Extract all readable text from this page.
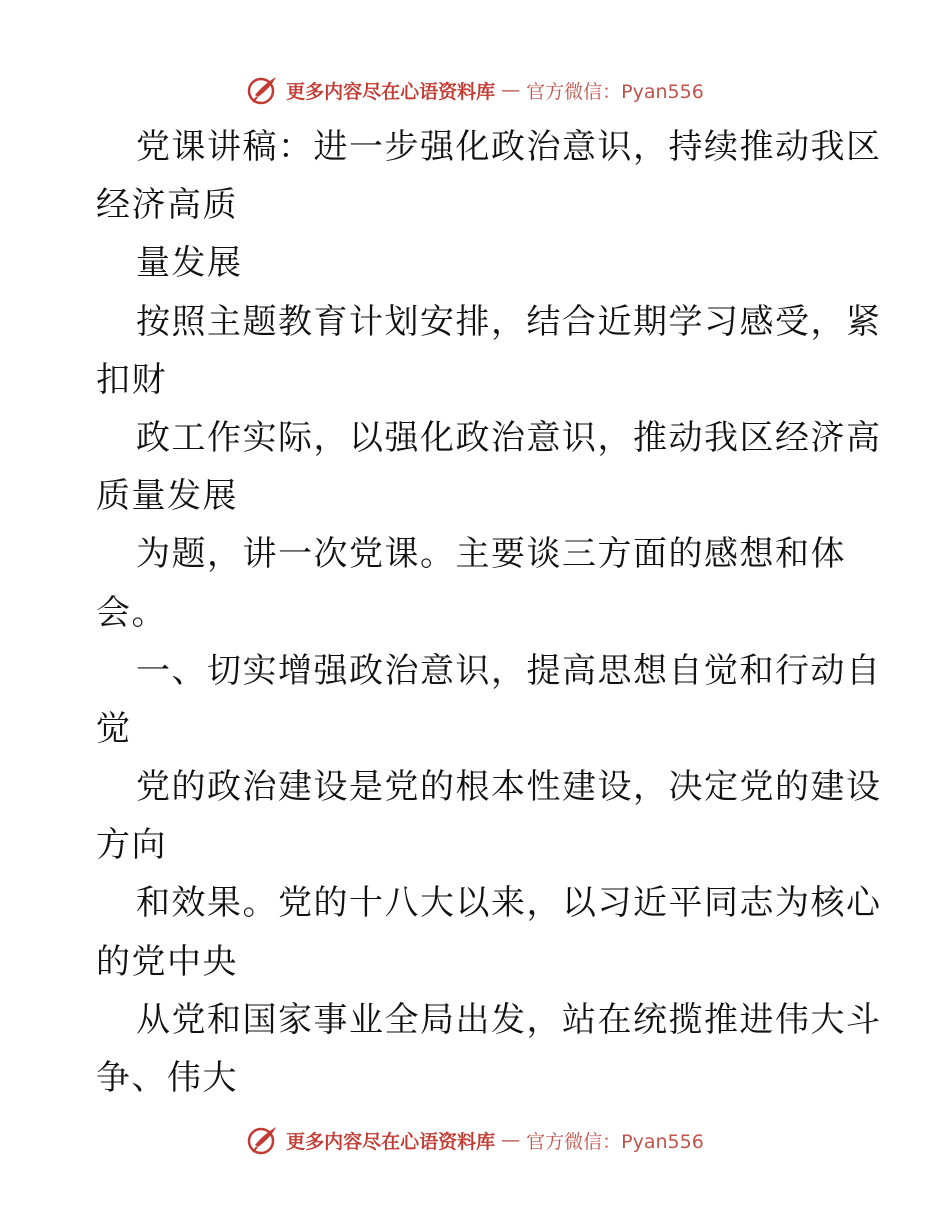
更多内容尽在心语资料库 — 官方微信：Pyan556
党课讲稿：进一步强化政治意识，持续推动我区
经济高质
量发展
按照主题教育计划安排，结合近期学习感受，紧
扣财
政工作实际，以强化政治意识，推动我区经济高
质量发展
为题，讲一次党课。主要谈三方面的感想和体
会。
一、切实增强政治意识，提高思想自觉和行动自
觉
党的政治建设是党的根本性建设，决定党的建设
方向
和效果。党的十八大以来，以习近平同志为核心
的党中央
从党和国家事业全局出发，站在统揽推进伟大斗
争、伟大
更多内容尽在心语资料库 — 官方微信：Pyan556
